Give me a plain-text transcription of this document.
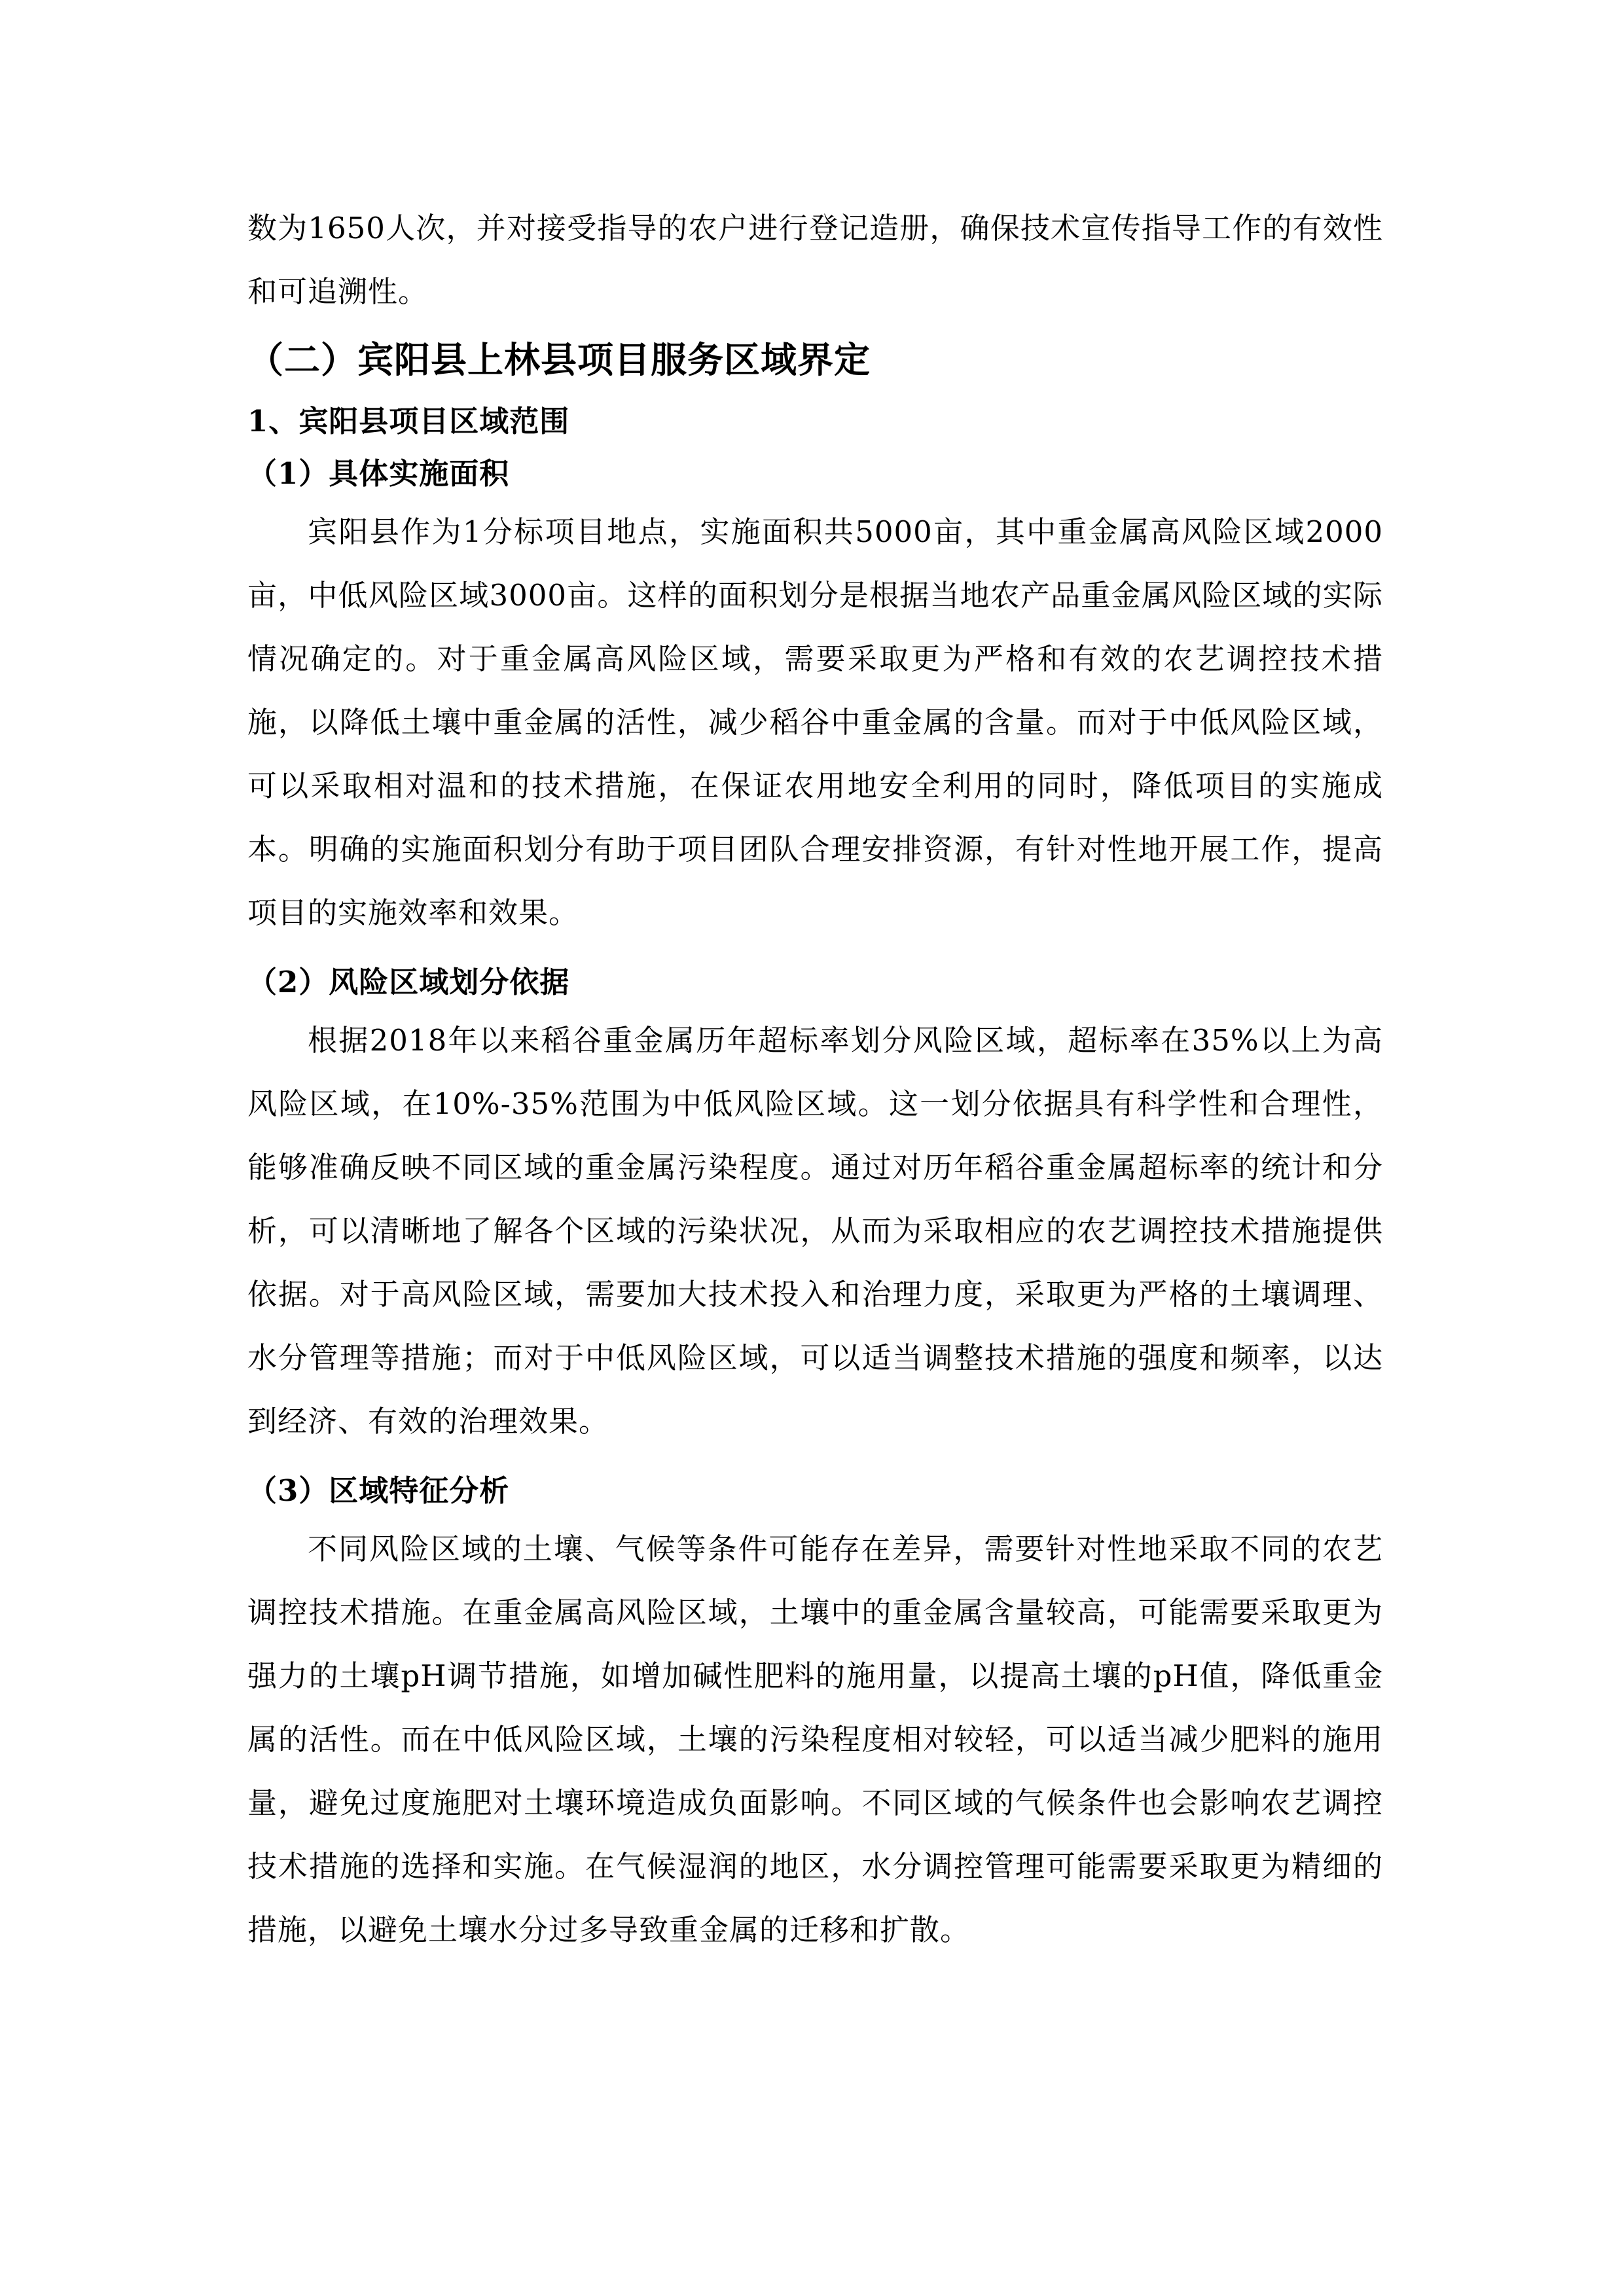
数为1650人次，并对接受指导的农户进行登记造册，确保技术宣传指导工作的有效性和可追溯性。

（二）宾阳县上林县项目服务区域界定
1、宾阳县项目区域范围
（1）具体实施面积

宾阳县作为1分标项目地点，实施面积共5000亩，其中重金属高风险区域2000亩，中低风险区域3000亩。这样的面积划分是根据当地农产品重金属风险区域的实际情况确定的。对于重金属高风险区域，需要采取更为严格和有效的农艺调控技术措施，以降低土壤中重金属的活性，减少稻谷中重金属的含量。而对于中低风险区域，可以采取相对温和的技术措施，在保证农用地安全利用的同时，降低项目的实施成本。明确的实施面积划分有助于项目团队合理安排资源，有针对性地开展工作，提高项目的实施效率和效果。

（2）风险区域划分依据

根据2018年以来稻谷重金属历年超标率划分风险区域，超标率在35%以上为高风险区域，在10%-35%范围为中低风险区域。这一划分依据具有科学性和合理性，能够准确反映不同区域的重金属污染程度。通过对历年稻谷重金属超标率的统计和分析，可以清晰地了解各个区域的污染状况，从而为采取相应的农艺调控技术措施提供依据。对于高风险区域，需要加大技术投入和治理力度，采取更为严格的土壤调理、水分管理等措施；而对于中低风险区域，可以适当调整技术措施的强度和频率，以达到经济、有效的治理效果。

（3）区域特征分析

不同风险区域的土壤、气候等条件可能存在差异，需要针对性地采取不同的农艺调控技术措施。在重金属高风险区域，土壤中的重金属含量较高，可能需要采取更为强力的土壤pH调节措施，如增加碱性肥料的施用量，以提高土壤的pH值，降低重金属的活性。而在中低风险区域，土壤的污染程度相对较轻，可以适当减少肥料的施用量，避免过度施肥对土壤环境造成负面影响。不同区域的气候条件也会影响农艺调控技术措施的选择和实施。在气候湿润的地区，水分调控管理可能需要采取更为精细的措施，以避免土壤水分过多导致重金属的迁移和扩散。
